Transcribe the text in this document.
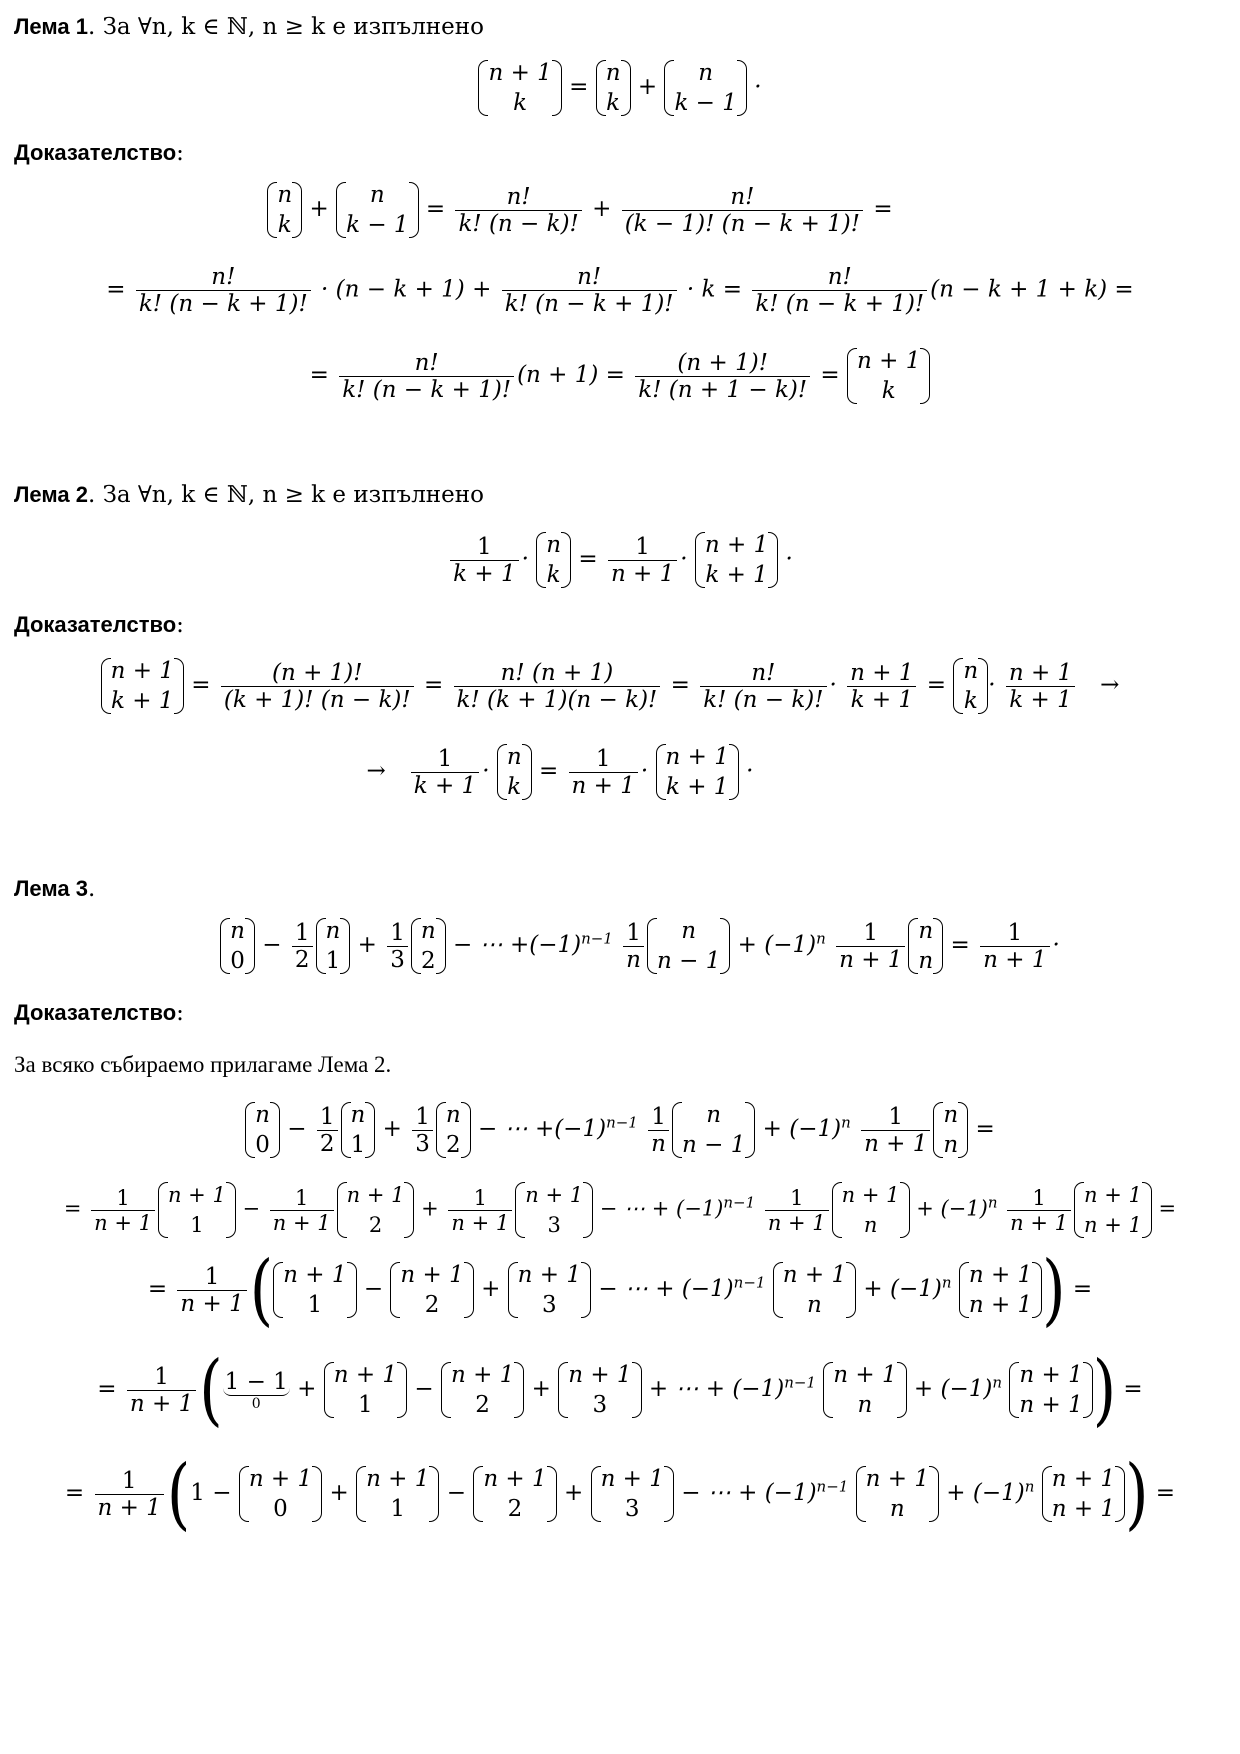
Лема 1. За ∀n, k ∈ ℕ, n ≥ k е изпълнено
n + 1
k
=
n
k
+
n
k − 1
·
Доказателство:
n
k
+
n
k − 1
= $\frac{n!}{k! (n - k)!} + \frac{n!}{(k - 1)! (n - k + 1)!}$ =
= $\frac{n!}{k! (n - k + 1)!} \cdot (n - k + 1) + \frac{n!}{k! (n - k + 1)!} \cdot k = \frac{n!}{k! (n - k + 1)!} (n - k + 1 + k)$ =
= $\frac{n!}{k! (n - k + 1)!} (n + 1) = \frac{(n + 1)!}{k! (n + 1 - k)!}$ =
n + 1
k
Лема 2. За ∀n, k ∈ ℕ, n ≥ k е изпълнено
$\frac{1}{k + 1}$ ·
n
k
= $\frac{1}{n + 1}$ ·
n + 1
k + 1
·
Доказателство:
n + 1
k + 1
= $\frac{(n + 1)!}{(k + 1)! (n - k)!} = \frac{n! (n + 1)}{k! (k + 1)(n - k)!} = \frac{n!}{k! (n - k)!} \cdot \frac{n + 1}{k + 1}$ =
n
k
· $\frac{n + 1}{k + 1}$ →
→ $\frac{1}{k + 1}$ ·
n
k
= $\frac{1}{n + 1}$ ·
n + 1
k + 1
·
Лема 3.
n
0
− $\frac{1}{2}$ n
1
+ $\frac{1}{3}$ n
2
− ⋯ $+(-1)^{n-1} \frac{1}{n}$	n
n − 1
+ $(-1)^n \frac{1}{n + 1}$ n
n
= $\frac{1}{n + 1}$ ·
Доказателство:
За всяко събираемо прилагаме Лема 2.
n
0
− $\frac{1}{2}$ n
1
+ $\frac{1}{3}$ n
2
− ⋯ $+(-1)^{n-1} \frac{1}{n}$	n
n − 1
+ $(-1)^n \frac{1}{n + 1}$ n
n
=
= $\frac{1}{n + 1}$ n + 1
1
− $\frac{1}{n + 1}$ n + 1
2
+ $\frac{1}{n + 1}$ n + 1
3
− ⋯ + $(-1)^{n-1} \frac{1}{n + 1}$ n + 1
n
+ $(-1)^n \frac{1}{n + 1}$ n + 1
n + 1
=
= $\frac{1}{n + 1}$ ( n + 1
1
−
n + 1
2
+
n + 1
3
− ⋯ + $(-1)^{n-1}$ n + 1
n
+ $(-1)^n$ n + 1
n + 1 ) =
= $\frac{1}{n + 1}$ ( 1 − 1
0
+
n + 1
1
−
n + 1
2
+
n + 1
3
+ ⋯ + $(-1)^{n-1}$ n + 1
n
+ $(-1)^n$ n + 1
n + 1 ) =
= $\frac{1}{n + 1} (1$ −
n + 1
0
+
n + 1
1
−
n + 1
2
+
n + 1
3
− ⋯ + $(-1)^{n-1}$ n + 1
n
+ $(-1)^n$ n + 1
n + 1 ) =
